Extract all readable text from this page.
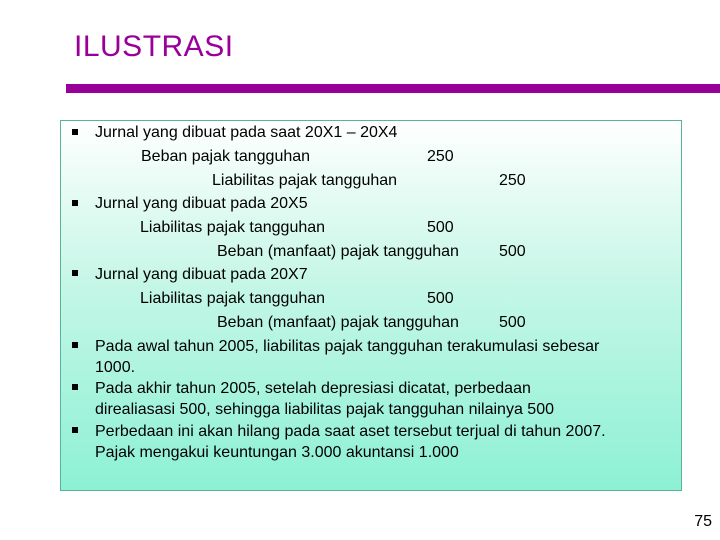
ILUSTRASI
Jurnal yang dibuat pada saat 20X1 – 20X4
Beban pajak tangguhan	250
Liabilitas pajak tangguhan	250
Jurnal yang dibuat pada 20X5
Liabilitas pajak tangguhan	500
Beban (manfaat) pajak tangguhan	500
Jurnal yang dibuat pada 20X7
Liabilitas pajak tangguhan	500
Beban (manfaat) pajak tangguhan	500
Pada awal tahun 2005, liabilitas pajak tangguhan terakumulasi sebesar
1000.
Pada akhir tahun 2005, setelah depresiasi dicatat, perbedaan
direaliasasi 500, sehingga liabilitas pajak tangguhan nilainya 500
Perbedaan ini akan hilang pada saat aset tersebut terjual di tahun 2007.
Pajak mengakui keuntungan 3.000 akuntansi 1.000
75
